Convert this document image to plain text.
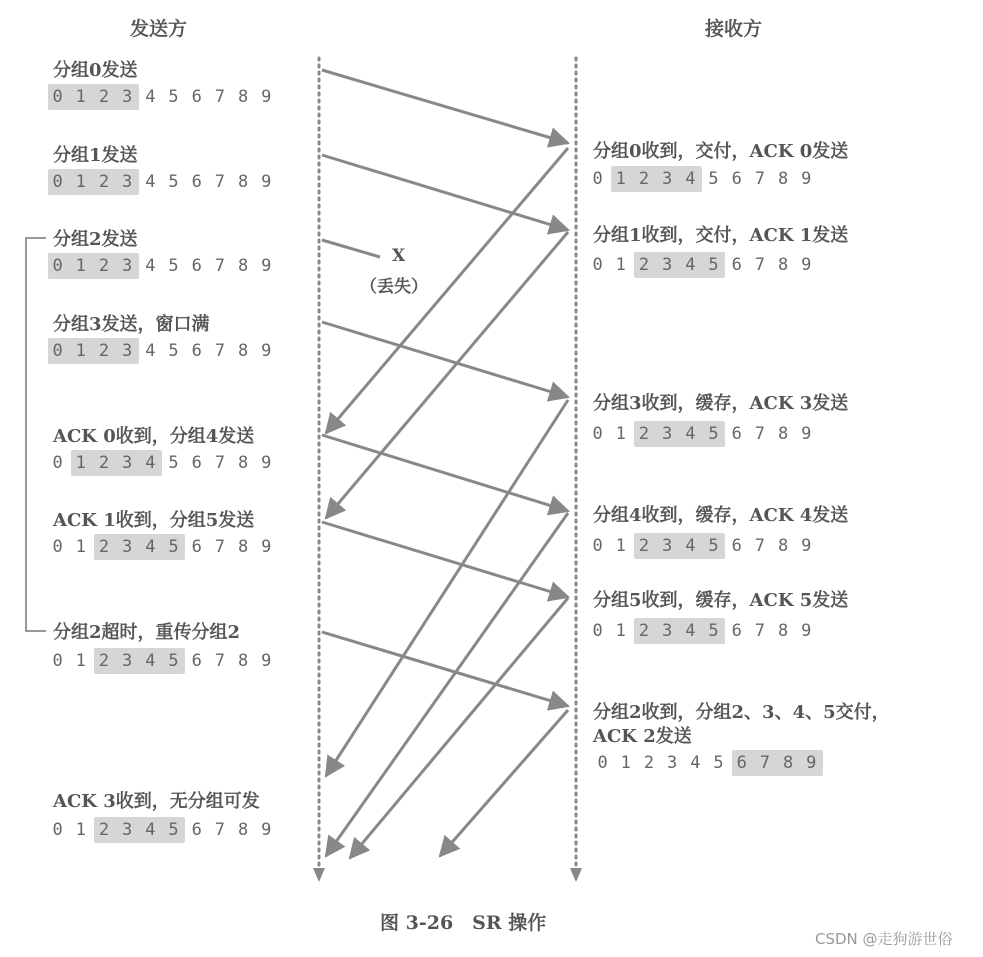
发送方	接收方
分组0发送
0 1 2 3 4 5 6 7 8 9
分组1发送
0 1 2 3 4 5 6 7 8 9
分组2发送
0 1 2 3 4 5 6 7 8 9
分组3发送，窗口满
0 1 2 3 4 5 6 7 8 9
ACK 0收到，分组4发送
0 1 2 3 4 5 6 7 8 9
ACK 1收到，分组5发送
0 1 2 3 4 5 6 7 8 9
分组2超时，重传分组2
0 1 2 3 4 5 6 7 8 9
ACK 3收到，无分组可发
0 1 2 3 4 5 6 7 8 9
分组0收到，交付，ACK 0发送
0 1 2 3 4 5 6 7 8 9
分组1收到，交付，ACK 1发送
0 1 2 3 4 5 6 7 8 9
分组3收到，缓存，ACK 3发送
0 1 2 3 4 5 6 7 8 9
分组4收到，缓存，ACK 4发送
0 1 2 3 4 5 6 7 8 9
分组5收到，缓存，ACK 5发送
0 1 2 3 4 5 6 7 8 9
分组2收到，分组2、3、4、5交付，
ACK 2发送
0 1 2 3 4 5 6 7 8 9
X
（丢失）
图 3-26　SR 操作
CSDN @走狗游世俗
